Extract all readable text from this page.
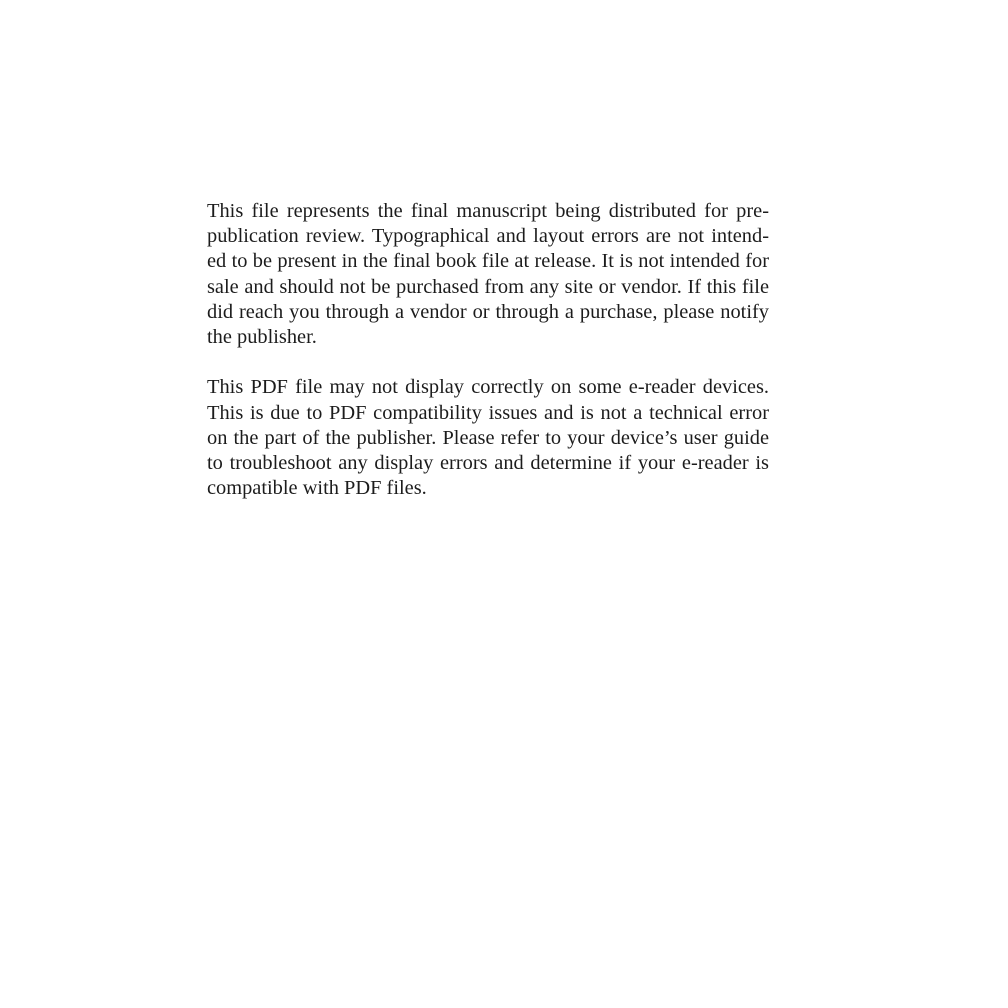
This file represents the final manuscript being distributed for pre-
publication review. Typographical and layout errors are not intend-
ed to be present in the final book file at release. It is not intended for
sale and should not be purchased from any site or vendor. If this file
did reach you through a vendor or through a purchase, please notify
the publisher.

This PDF file may not display correctly on some e-reader devices.
This is due to PDF compatibility issues and is not a technical error
on the part of the publisher. Please refer to your device’s user guide
to troubleshoot any display errors and determine if your e-reader is
compatible with PDF files.
